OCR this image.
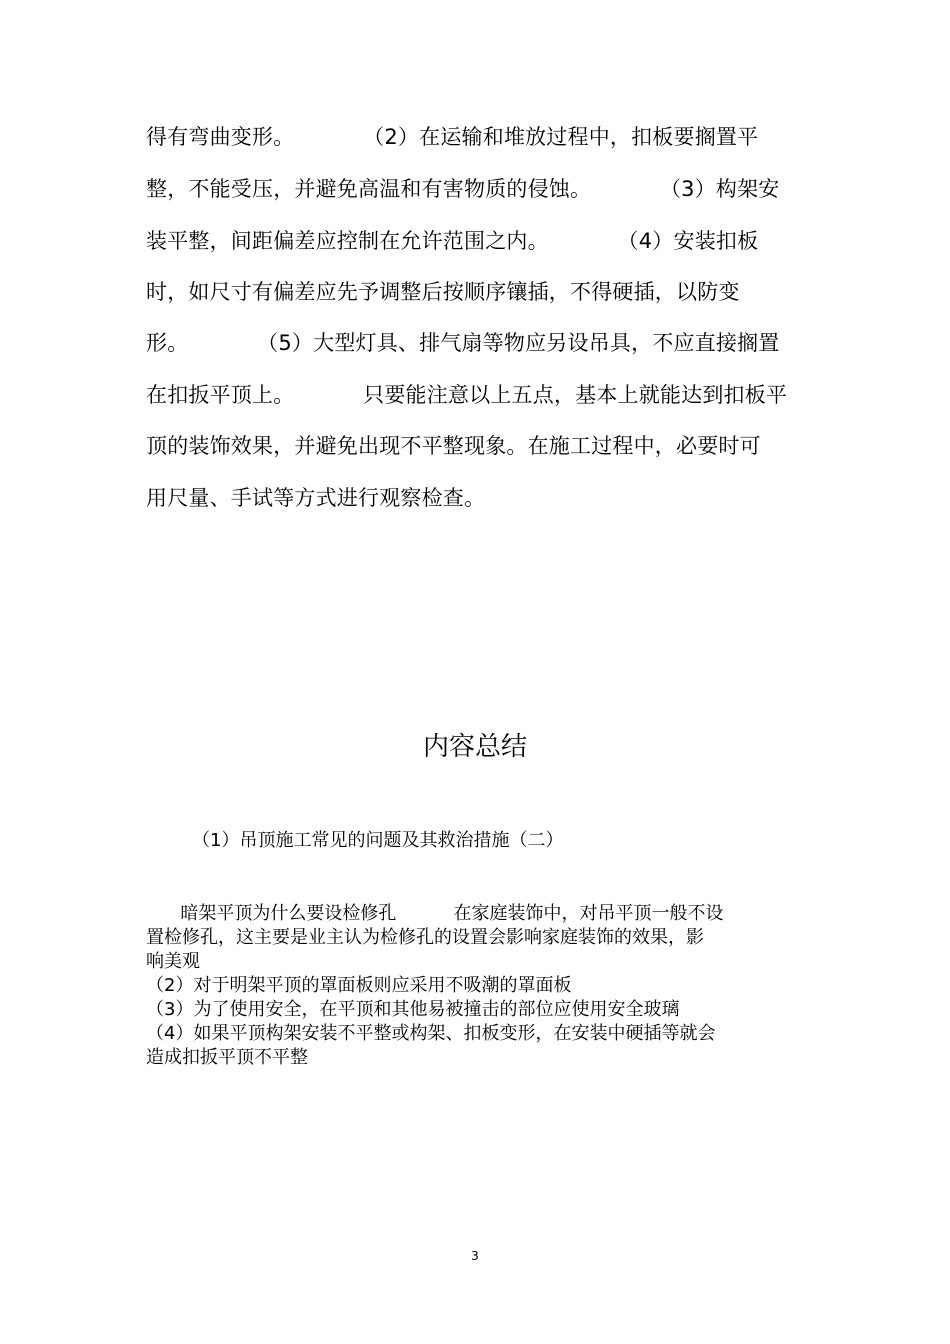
得有弯曲变形。          （2）在运输和堆放过程中，扣板要搁置平
整，不能受压，并避免高温和有害物质的侵蚀。          （3）构架安
装平整，间距偏差应控制在允许范围之内。          （4）安装扣板
时，如尺寸有偏差应先予调整后按顺序镶插，不得硬插，以防变
形。          （5）大型灯具、排气扇等物应另设吊具，不应直接搁置
在扣扳平顶上。          只要能注意以上五点，基本上就能达到扣板平
顶的装饰效果，并避免出现不平整现象。在施工过程中，必要时可
用尺量、手试等方式进行观察检查。
内容总结
（1）吊顶施工常见的问题及其救治措施（二）
暗架平顶为什么要设检修孔          在家庭装饰中，对吊平顶一般不设
置检修孔，这主要是业主认为检修孔的设置会影响家庭装饰的效果，影
响美观
（2）对于明架平顶的罩面板则应采用不吸潮的罩面板
（3）为了使用安全，在平顶和其他易被撞击的部位应使用安全玻璃
（4）如果平顶构架安装不平整或构架、扣板变形，在安装中硬插等就会
造成扣扳平顶不平整
3
